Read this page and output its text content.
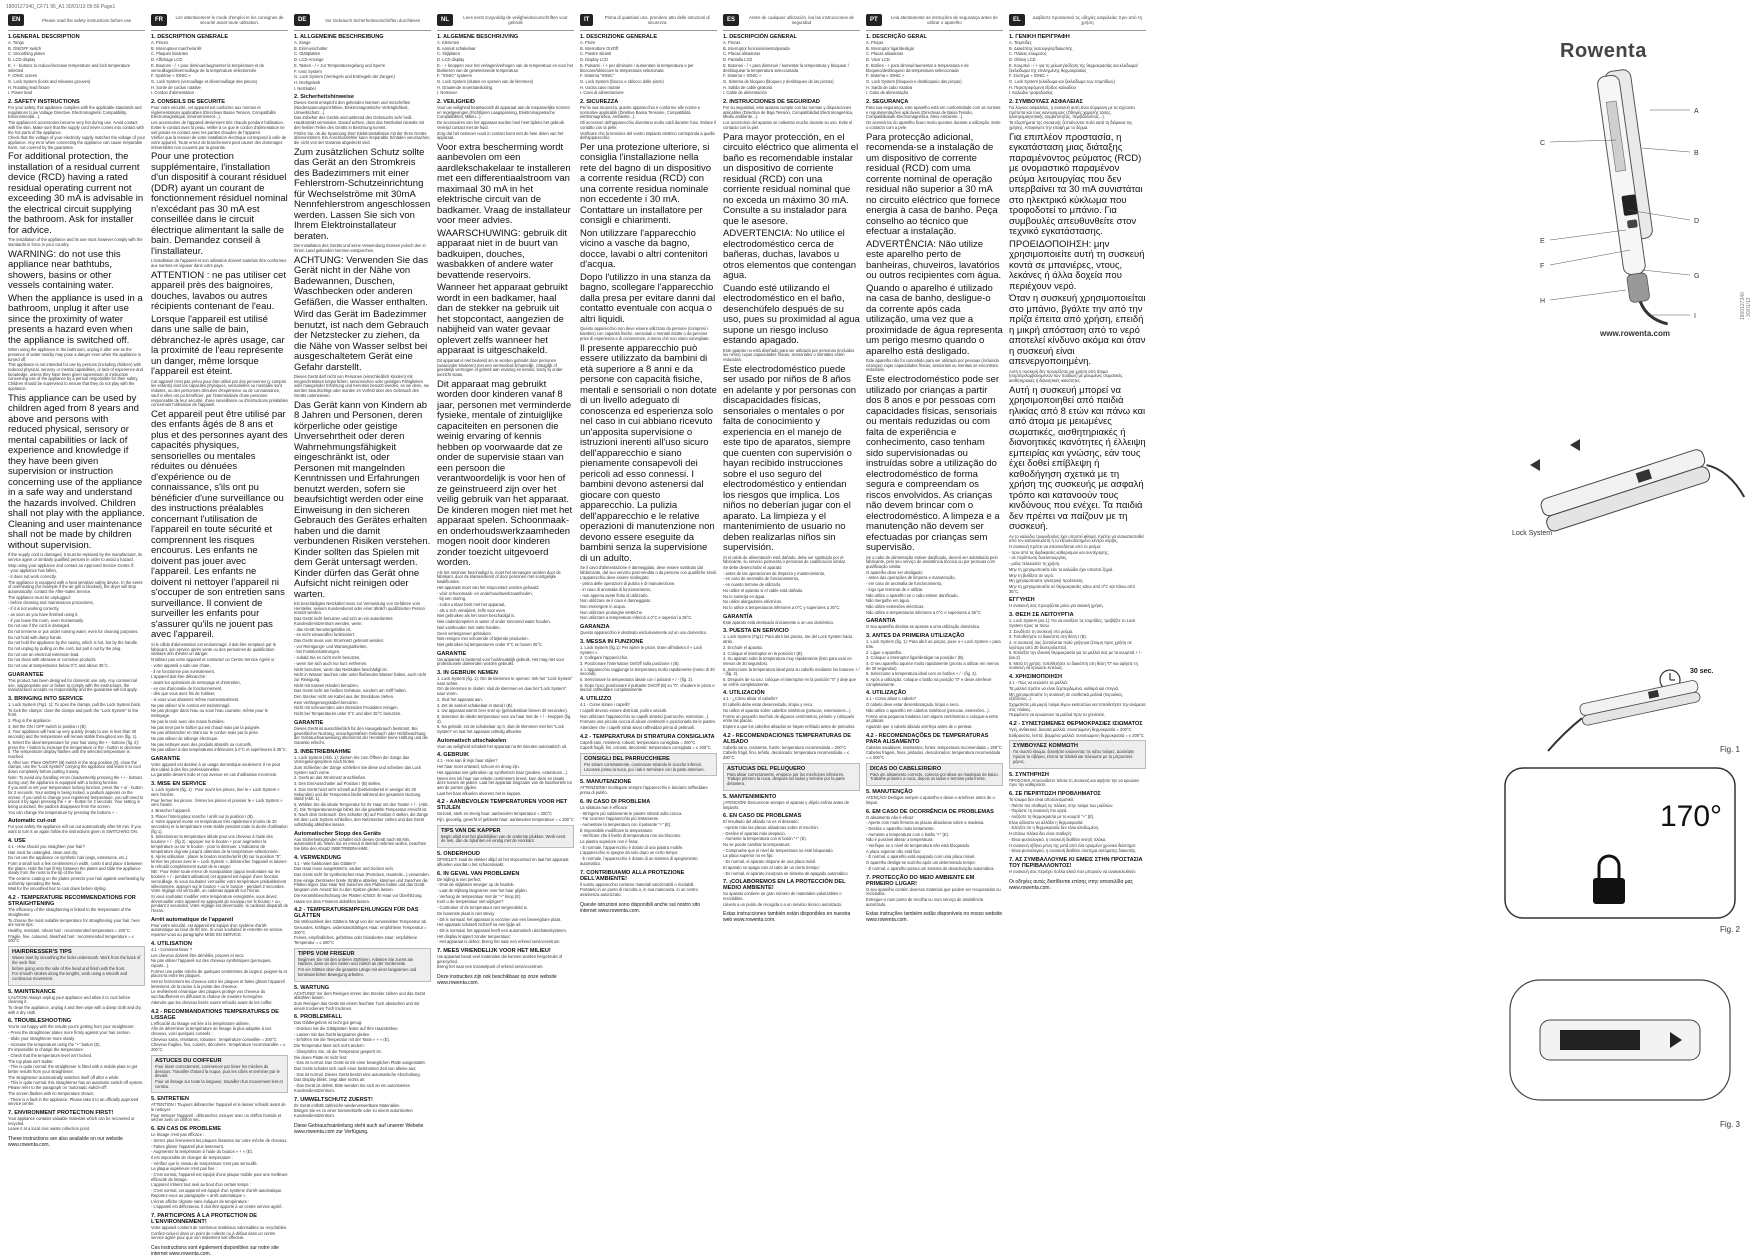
1800127340_CF71 95_A1 30/01/13 09:56 Page1
EN	Please read the safety instructions before use
1.GENERAL DESCRIPTION
A. Tongs
B. ON/OFF switch
C. Smoothing plates
D. LCD display
E. + - buttons to reduce/increase temperature and lock temperature selected
F. IONIC screen
G. Lock System (locks and releases grooves)
H. Rotating lead fixture
I. Power lead
2. SAFETY INSTRUCTIONS
For your safety, this appliance complies with the applicable standards and regulations (Low Voltage Directive, Electromagnetic Compatibility, Environmental...).
The appliance's accessories become very hot during use. Avoid contact with the skin. Make sure that the supply cord never comes into contact with the hot parts of the appliance.
Check that the voltage of your electricity supply matches the voltage of your appliance. Any error when connecting the appliance can cause irreparable harm, not covered by the guarantee.
For additional protection, the installation of a residual current device (RCD) having a rated residual operating current not exceeding 30 mA is advisable in the electrical circuit supplying the bathroom. Ask for installer for advice.
The installation of the appliance and its use must however comply with the standards in force in your country.
WARNING: do not use this appliance near bathtubs, showers, basins or other vessels containing water.
When the appliance is used in a bathroom, unplug it after use since the proximity of water presents a hazard even when the appliance is switched off.
When using the appliance in the bathroom, unplug it after use as the presence of water nearby may pose a danger even when the appliance is turned off.
This appliance is not intended for use by persons (including children) with reduced physical, sensory or mental capabilities, or lack of experience and knowledge, unless they have been given supervision or instruction concerning use of the appliance by a person responsible for their safety. Children should be supervised to ensure that they do not play with the appliance.
This appliance can be used by children aged from 8 years and above and persons with reduced physical, sensory or mental capabilities or lack of experience and knowledge if they have been given supervision or instruction concerning use of the appliance in a safe way and understand the hazards involved. Children shall not play with the appliance. Cleaning and user maintenance shall not be made by children without supervision.
If the supply cord is damaged, it must be replaced by the manufacturer, its service agent or similarly qualified persons in order to avoid a hazard.
Stop using your appliance and contact an Approved Service Centre if:
- your appliance has fallen,
- it does not work correctly.
The appliance is equipped with a heat sensitive safety device. In the event of overheating (for example if the air grill is blocked), the dryer will stop automatically: contact the After-Sales Service.
The appliance must be unplugged:
- before cleaning and maintenance procedures,
- if it is not working correctly,
- as soon as you have finished using it,
- if you leave the room, even momentarily.
Do not use if the cord is damaged.
Do not immerse or put under running water, even for cleaning purposes.
Do not hold with damp hands.
Do not hold the appliance by the casing, which is hot, but by the handle.
Do not unplug by pulling on the cord, but pull it out by the plug.
Do not use an electrical extension lead.
Do not clean with abrasive or corrosive products.
Do not use at temperatures below 0°C and above 35°C.
GUARANTEE
This product has been designed for domestic use only. Any commercial use, inappropriate use or failure to comply with the instructions, the manufacturer accepts no responsibility and the guarantee will not apply.
3. BRINGING INTO SERVICE
1. Lock System (Fig1. 1): To open the clamps, pull the Lock System back.
To lock the clamps: close the clamps and push the "Lock System" to the front.
2. Plug in the appliance.
3. Set the ON / OFF switch to position I (B).
4. Your appliance will heat up very quickly (ready to use in less than 30 seconds) and the temperature will remain stable throughout use (fig. 1).
5. Select the ideal temperature for your hair using the + - buttons (fig. 2): press the + button to increase the temperature or the - button to decrease it. The temperature display flashes until the selected temperature is reached.
6. After use: Place ON/OFF (B) switch in the stop position (0), close the clamps, use the "Lock System" carrying the appliance and leave it to cool down completely before putting it away.
Note: To avoid any handling errors (inadvertently pressing the + / - buttons during use) the appliance is equipped with a locking function.
If you wish to set your temperature locking function, press the + or - button for 2 seconds. Your setting is being locked, a padlock appears on the screen. If you wish to change your registered temperature, you will need to unlock it by again pressing the + or - button for 2 seconds. Your setting is being unlocked, the padlock disappears from the screen.
You can change the temperature by pressing the buttons + -.
Automatic cut-out
For your safety the appliance will cut out automatically after 60 min. If you want to turn it on again follow the instructions given in SWITCHING ON.
4. USE
4.1 - How should you straighten your hair?
Hair must be untangled, clean and dry.
Do not use the appliance on synthetic hair (wigs, extensions, etc.).
Form a small lock a few centimeters in width, comb it and place it between the plates. Hold the hair firmly between the plates and slide the appliance slowly from the roots to the tip of the hair.
The ceramic coating on the plates protects your hair against overheating by uniformly spreading the heat.
Wait for the smoothed hair to cool down before styling.
4.2 - TEMPERATURE RECOMMENDATIONS FOR STRAIGHTENING
The efficiency of the straightening is linked to the temperature of the straightener.
To choose the most suitable temperature for straightening your hair, here are some tips:
Healthy, resistant, robust hair : recommended temperature = 200°C
Fragile, fine, coloured, bleached hair : recommended temperature = ≤ 200°C
HAIRDRESSER'S TIPS
Waves start by smoothing the locks underneath. Work from the back of the neck first:
before going onto the side of the head and finish with the front.
For smooth strokes along the lengths, work using a smooth and continuous movement.
5. MAINTENANCE
CAUTION! Always unplug your appliance and allow it to cool before cleaning it.
To clean the appliance, unplug it and then wipe with a damp cloth and dry with a dry cloth.
6. TROUBLESHOOTING
You're not happy with the results you're getting from your straightener:
- Press the straightener plates more firmly against your hair section.
- Slide your straightener more slowly.
- Increase the temperature using the "+" button (E).
It's impossible to change the temperature:
- Check that the temperature level isn't locked.
The top plate isn't stable:
- This is quite normal, the straightener is fitted with a mobile plate to get better results from your straightener.
The straightener automatically switches itself off after a while:
- This is quite normal, this straightener has an automatic switch-off system. Please refer to the paragraph on "automatic switch-off".
The screen flashes with no temperature shown:
- There is a fault in the appliance. Please take it to an officially approved service centre.
7. ENVIRONMENT PROTECTION FIRST!
Your appliance contains valuable materials which can be recovered or recycled.
Leave it at a local civic waste collection point.
These instructions are also available on our website www.rowenta.com.
FR	Lire attentivement le mode d'emploi et les consignes de sécurité avant toute utilisation.
1. DESCRIPTION GENERALE
A. Pinces
B. Interrupteur marche/arrêt
C. Plaques lissantes
D. Affichage LCD
E. Boutons - / + pour diminuer/augmenter la température et de verrouillage/déverrouillage de la température sélectionnée
F. Système « IONIC »
G. Lock System (verrouillage et déverrouillage des pinces)
H. Sortie de cordon rotative
I. Cordon d'alimentation
2. CONSEILS DE SECURITE
Pour votre sécurité, cet appareil est conforme aux normes et réglementations applicables (Directives Basse Tension, Compatibilité Electromagnétique, Environnement...).
Les accessoires de l'appareil deviennent très chauds pendant l'utilisation. Eviter le contact avec la peau. Veiller à ce que le cordon d'alimentation ne soit jamais en contact avec les parties chaudes de l'appareil.
Vérifier que la tension de votre installation électrique correspond à celle de votre appareil. Toute erreur de branchement peut causer des dommages irréversibles non couverts par la garantie.
Pour une protection supplémentaire, l'installation d'un dispositif à courant résiduel (DDR) ayant un courant de fonctionnement résiduel nominal n'excédant pas 30 mA est conseillée dans le circuit électrique alimentant la salle de bain. Demandez conseil à l'installateur.
L'installation de l'appareil et son utilisation doivent toutefois être conformes aux normes en vigueur dans votre pays.
ATTENTION : ne pas utiliser cet appareil près des baignoires, douches, lavabos ou autres récipients contenant de l'eau.
Lorsque l'appareil est utilisé dans une salle de bain, débranchez-le après usage, car la proximité de l'eau représente un danger, même lorsque l'appareil est éteint.
Cet appareil n'est pas prévu pour être utilisé par des personnes (y compris les enfants) dont les capacités physiques, sensorielles ou mentales sont réduites, ou des personnes dénuées d'expérience ou de connaissance, sauf si elles ont pu bénéficier, par l'intermédiaire d'une personne responsable de leur sécurité, d'une surveillance ou d'instructions préalables concernant l'utilisation de l'appareil.
Cet appareil peut être utilisé par des enfants âgés de 8 ans et plus et des personnes ayant des capacités physiques, sensorielles ou mentales réduites ou dénuées d'expérience ou de connaissance, s'ils ont pu bénéficier d'une surveillance ou des instructions préalables concernant l'utilisation de l'appareil en toute sécurité et comprennent les risques encourus. Les enfants ne doivent pas jouer avec l'appareil. Les enfants ne doivent ni nettoyer l'appareil ni s'occuper de son entretien sans surveillance. Il convient de surveiller les enfants pour s'assurer qu'ils ne jouent pas avec l'appareil.
Si le câble d'alimentation est endommagé, il doit être remplacé par le fabricant, son service après vente ou des personnes de qualification similaire afin d'éviter un danger.
N'utilisez pas votre appareil et contactez un Centre Service Agréé si :
- votre appareil a subi une chute,
- il ne fonctionne pas normalement.
L'appareil doit être débranché :
- avant les opérations de nettoyage et d'entretien,
- en cas d'anomalie de fonctionnement,
- dès que vous avez fini de l'utiliser,
- si vous vous absentez même momentanément.
Ne pas utiliser si le cordon est endommagé.
Ne pas plonger dans l'eau ou sous l'eau courante, même pour le nettoyage.
Ne pas le tenir avec des mains humides.
Ne pas tenir par le boîtier qui est chaud mais par la poignée.
Ne pas débrancher en tirant sur le cordon mais par la prise.
Ne pas utiliser de rallonge électrique.
Ne pas nettoyer avec des produits abrasifs ou corrosifs.
Ne pas utiliser à des températures inférieures à 0°C et supérieures à 35°C.
GARANTIE
Votre appareil est destiné à un usage domestique seulement. Il ne peut être utilisé à des fins professionnelles.
La garantie devient nulle et non avenue en cas d'utilisation incorrecte.
3. MISE EN SERVICE
1. Lock System (fig. 1) : Pour ouvrir les pinces, tirer le « Lock System » vers l'arrière.
Pour fermer les pinces : fermer les pinces et pousser le « Lock System » vers l'avant.
2. Brancher l'appareil.
3. Placer l'interrupteur marche / arrêt sur la position I (B).
4. Votre appareil monte en température très rapidement (moins de 30 secondes) et la température reste stable pendant toute la durée d'utilisation (fig 1).
5. Sélectionner la température idéale pour vos cheveux à l'aide des boutons + / - (fig 2) : appuyer sur le bouton + pour augmenter la température ou sur le bouton - pour la diminuer. L'indicateur de température clignote jusqu'à obtention de la température sélectionnée.
6. Après utilisation : placer le bouton marche/arrêt (B) sur la position "0", fermer les pinces avec le « Lock System », débrancher l'appareil et laissez-le refroidir complètement avant de le ranger.
NB : Pour éviter toute erreur de manipulation (appui involontaire sur les boutons + / - pendant utilisation) cet appareil est équipé d'une fonction verrouillage. Si vous souhaitez verrouiller votre température préalablement sélectionnée, appuyer sur le bouton + ou le bouton - pendant 2 secondes. Votre réglage est verrouillé, un cadenas apparaît sur l'écran.
Si vous souhaitez modifier votre température enregistrée, vous devez déverrouiller votre appareil en appuyant de nouveau sur le bouton + ou - pendant 2 secondes. Votre réglage est déverrouillé, le cadenas disparaît de l'écran.
Arrêt automatique de l'appareil
Pour votre sécurité, cet appareil est équipé d'un système d'arrêt automatique au bout de 60 min. Si vous souhaitez le remettre en service, reportez-vous au paragraphe MISE EN SERVICE.
4. UTILISATION
4.1 - Comment lisser ?
Les cheveux doivent être démêlés, propres et secs.
Ne pas utiliser l'appareil sur des cheveux synthétiques (perruques, rajouts...).
Former une petite mèche de quelques centimètres de largeur, peigner-la et placez-la entre les plaques.
Serrez fermement les cheveux entre les plaques et faites glisser l'appareil lentement, de la racine à la pointe des cheveux.
Le revêtement céramique des plaques protège vos cheveux du surchauffement en diffusant la chaleur de manière homogène.
Attendre que les cheveux lissés soient refroidis avant de les coiffer.
4.2 - RECOMMANDATIONS TEMPERATURES DE LISSAGE
L'efficacité du lissage est liée à la température utilisée.
Afin de déterminer la température de lissage la plus adaptée à vos cheveux, voici quelques conseils :
Cheveux sains, résistants, robustes : température conseillée = 200°C
Cheveux fragiles, fins, colorés, décolorés : température recommandée = ≤ 200°C
ASTUCES DU COIFFEUR
Pour lisser correctement, commencer par lisser les mèches du dessous. Travailler d'abord la nuque, puis les côtés et terminer par le devant.
Pour un lissage sur toute la longueur, travailler d'un mouvement lent et continu.
5. ENTRETIEN
ATTENTION ! Toujours débrancher l'appareil et le laisser refroidir avant de le nettoyer.
Pour nettoyer l'appareil : débrancher, essuyer avec un chiffon humide et sécher avec un chiffon sec.
6. EN CAS DE PROBLEME
Le lissage n'est pas efficace :
- Serrez plus fermement les plaques lissantes sur votre mèche de cheveux.
- Faites glisser l'appareil plus lentement.
- Augmentez la température à l'aide du bouton « + » (E).
Il est impossible de changer de température :
- Vérifiez que le niveau de température n'est pas verrouillé.
La plaque supérieure n'est pas fixe :
- C'est normal, l'appareil est équipé d'une plaque mobile pour une meilleure efficacité de lissage.
L'appareil s'éteint tout seul au bout d'un certain temps :
- C'est normal, cet appareil est équipé d'un système d'arrêt automatique. Reportez-vous au paragraphe « arrêt automatique ».
L'écran affiche clignote sans indiquer de température :
- L'appareil est défectueux. Il doit être apporté à un centre service agréé.
7. PARTICIPONS À LA PROTECTION DE L'ENVIRONNEMENT!
Votre appareil contient de nombreux matériaux valorisables ou recyclables.
Confiez-celui-ci dans un point de collecte ou à défaut dans un centre service agréé pour que son traitement soit effectué.
Ces instructions sont également disponibles sur notre site internet www.rowenta.com.
DE	Vor Gebrauch Sicherheitsvorschriften durchlesen
1. ALLGEMEINE BESCHREIBUNG
A. Zange
B. Ein/Ausschalter
C. Glättplatten
D. LCD-Anzeige
E. Tasten - / + zur Temperaturregelung und Sperre
F. Ionic System
G. Lock System (Verriegeln und Entriegeln der Zangen)
H. Drehgelenk
I. Netzkabel
2. Sicherheitshinweise
Dieses Gerät entspricht den geltenden Normen und Vorschriften (Niederspannungsrichtlinie, Elektromagnetische Verträglichkeit, Umweltschutz...).
Das Zubehör des Geräts wird während des Gebrauchs sehr heiß. Hautkontakt vermeiden. Darauf achten, dass das Netzkabel niemals mit den heißen Teilen des Geräts in Berührung kommt.
Prüfen Sie, ob die Spannung Ihrer Elektroinstallation mit der Ihres Geräts übereinstimmt. Ein Anschlussfehler kann irreparable Schäden verursachen, die nicht von der Garantie abgedeckt sind.
Zum zusätzlichen Schutz sollte das Gerät an den Stromkreis des Badezimmers mit einer Fehlerstrom-Schutzeinrichtung für Wechselströme mit 30mA Nennfehlerstrom angeschlossen werden. Lassen Sie sich von Ihrem Elektroinstallateur beraten.
Die Installation des Geräts und seine Verwendung müssen jedoch den in Ihrem Land geltenden Normen entsprechen.
ACHTUNG: Verwenden Sie das Gerät nicht in der Nähe von Badewannen, Duschen, Waschbecken oder anderen Gefäßen, die Wasser enthalten.
Wird das Gerät im Badezimmer benutzt, ist nach dem Gebrauch der Netzstecker zu ziehen, da die Nähe von Wasser selbst bei ausgeschaltetem Gerät eine Gefahr darstellt.
Dieses Gerät darf nicht von Personen (einschließlich Kindern) mit eingeschränkten körperlichen, sensorischen oder geistigen Fähigkeiten oder mangelnder Erfahrung und Kenntnis benutzt werden, es sei denn, sie werden beaufsichtigt oder wurden im Vorfeld über den Gebrauch des Geräts unterwiesen.
Das Gerät kann von Kindern ab 8 Jahren und Personen, deren körperliche oder geistige Unversehrtheit oder deren Wahrnehmungsfähigkeit eingeschränkt ist, oder Personen mit mangelnden Kenntnissen und Erfahrungen benutzt werden, sofern sie beaufsichtigt werden oder eine Einweisung in den sicheren Gebrauch des Gerätes erhalten haben und die damit verbundenen Risiken verstehen. Kinder sollten das Spielen mit dem Gerät untersagt werden. Kinder dürfen das Gerät ohne Aufsicht nicht reinigen oder warten.
Ein beschädigtes Netzkabel muss zur Vermeidung von Gefahren vom Hersteller, seinem Kundendienst oder einer ähnlich qualifizierten Person ersetzt werden.
Das Gerät nicht benutzen und sich an ein autorisiertes Kundendienstzentrum wenden, wenn:
- das Gerät heruntergefallen ist,
- es nicht einwandfrei funktioniert.
Das Gerät muss vom Stromnetz getrennt werden:
- vor Reinigungs- und Wartungsarbeiten,
- bei Funktionsstörungen,
- sobald Sie es nicht mehr benutzen,
- wenn Sie sich auch nur kurz entfernen.
Nicht benutzen, wenn das Netzkabel beschädigt ist.
Nicht in Wasser tauchen oder unter fließendes Wasser halten, auch nicht zur Reinigung.
Nicht mit nassen Händen benutzen.
Das Gerät nicht am heißen Gehäuse, sondern am Griff halten.
Den Stecker nicht am Kabel aus der Steckdose ziehen.
Kein Verlängerungskabel benutzen.
Nicht mit scheuernden oder ätzenden Produkten reinigen.
Nicht bei Temperaturen unter 0°C und über 35°C benutzen.
GARANTIE
Dieses Gerät ist ausschließlich für den Hausgebrauch bestimmt. Bei gewerblicher Nutzung, unsachgemäßem Gebrauch oder Nichtbeachtung der Gebrauchsanweisung übernimmt der Hersteller keine Haftung und die Garantie erlischt.
3. INBETRIEBNAHME
1. Lock System (Abb. 1): Ziehen Sie zum Öffnen der Zange das Verriegelungssystem nach hinten.
Zum Schließen der Zange schließen Sie diese und schieben das Lock System nach vorne.
2. Gerät an das Stromnetz anschließen.
3. Den Ein/Ausschalter auf Position I (B) stellen.
4. Das Gerät heizt sehr schnell auf (betriebsbereit in weniger als 30 Sekunden) und die Temperatur bleibt während der gesamten Nutzung stabil (Abb. 1).
5. Wählen Sie die ideale Temperatur für Ihr Haar mit den Tasten + / - (Abb. 2). Die Temperaturanzeige blinkt, bis die gewählte Temperatur erreicht ist.
6. Nach dem Gebrauch: Den Schalter (B) auf Position 0 stellen, die Zange mit dem Lock System schließen, den Netzstecker ziehen und das Gerät vollständig abkühlen lassen.
Automatischer Stopp des Geräts
Aus Sicherheitsgründen schaltet sich dieses Gerät nach 60 Min. automatisch ab. Wenn Sie es erneut in Betrieb nehmen wollen, beachten Sie bitte den Absatz INBETRIEBNAHME.
4. VERWENDUNG
4.1 - Wie funktioniert das Glätten?
Das Haar muss ausgekämmt, sauber und trocken sein.
Das Gerät nicht für synthetisches Haar (Perücken, Haarteile...) verwenden.
Eine einige Zentimeter breite Strähne abteilen, kämmen und zwischen die Platten legen. Das Haar fest zwischen den Platten halten und das Gerät langsam vom Ansatz bis zu den Spitzen gleiten lassen.
Die Keramikbeschichtung der Platten schützt Ihr Haar vor Überhitzung.
Haare vor dem Frisieren abkühlen lassen.
4.2 - TEMPERATUREMPFEHLUNGEN FÜR DAS GLÄTTEN
Die Wirksamkeit des Glättens hängt von der verwendeten Temperatur ab.
Gesundes, kräftiges, widerstandsfähiges Haar: empfohlene Temperatur = 200°C
Feines, empfindliches, gefärbtes oder blondiertes Haar: empfohlene Temperatur = ≤ 200°C
TIPPS VOM FRISEUR
Beginnen Sie mit den unteren Strähnen. Arbeiten Sie zuerst am Nacken, dann an den Seiten und zuletzt an der Vorderseite.
Für ein Glätten über die gesamte Länge mit einer langsamen und kontinuierlichen Bewegung arbeiten.
5. WARTUNG
ACHTUNG! Vor dem Reinigen immer den Stecker ziehen und das Gerät abkühlen lassen.
Zum Reinigen das Gerät mit einem feuchten Tuch abwischen und mit einem trockenen Tuch trocknen.
6. PROBLEMFALL
Das Glättergebnis ist nicht gut genug:
- Drücken Sie die Glättplatten fester auf Ihre Haarsträhne.
- Lassen Sie das Gerät langsamer gleiten.
- Erhöhen Sie die Temperatur mit der Taste « + » (E).
Die Temperatur lässt sich nicht ändern:
- Überprüfen Sie, ob die Temperatur gesperrt ist.
Die obere Platte ist nicht fest:
- Das ist normal. Das Gerät ist mit einer beweglichen Platte ausgestattet.
Das Gerät schaltet sich nach einer bestimmten Zeit von alleine aus:
- Das ist normal. Dieses Gerät besitzt eine automatische Abschaltung.
Das Display blinkt, zeigt aber nichts an:
- Das Gerät ist defekt. Bitte wenden Sie sich an ein autorisiertes Kundendienstzentrum.
7. UMWELTSCHUTZ ZUERST!
Ihr Gerät enthält zahlreiche wiederverwertbare Materialien.
Bringen Sie es zu einer Sammelstelle oder zu einem autorisierten Kundendienstzentrum.
Diese Gebrauchsanleitung steht auch auf unserer Website www.rowenta.com zur Verfügung.
NL	Lees eerst zorgvuldig de veiligheidsvoorschriften voor gebruik
1. ALGEMENE BESCHRIJVING
A. Klemmen
B. Aan/uit schakelaar
C. Stijlplaten
D. LCD display
E. - + knoppen voor het verlagen/verhogen van de temperatuur en voor het blokkeren van de geselecteerde temperatuur
F. "IONIC" systeem
G. Lock System (sluiten en openen van de klemmen)
H. Draaiende snoeraansluiting
I. Netsnoer
2. VEILIGHEID
Voor uw veiligheid beantwoordt dit apparaat aan de toepasselijke normen en regelgevingen (Richtlijnen Laagspanning, Elektromagnetische Compatibiliteit, Milieu...).
De accessoires van het apparaat worden heel heet tijdens het gebruik. Vermijd contact met de huid.
Zorg dat het netsnoer nooit in contact komt met de hete delen van het apparaat.
Voor extra bescherming wordt aanbevolen om een aardlekschakelaar te installeren met een differentiaalstroom van maximaal 30 mA in het elektrische circuit van de badkamer. Vraag de installateur voor meer advies.
WAARSCHUWING: gebruik dit apparaat niet in de buurt van badkuipen, douches, wasbakken of andere water bevattende reservoirs.
Wanneer het apparaat gebruikt wordt in een badkamer, haal dan de stekker na gebruik uit het stopcontact, aangezien de nabijheid van water gevaar oplevert zelfs wanneer het apparaat is uitgeschakeld.
Dit apparaat is niet bedoeld om te worden gebruikt door personen (waaronder kinderen) met een verminderd lichamelijk, zintuiglijk of geestelijk vermogen of gebrek aan ervaring en kennis, tenzij zij onder toezicht staan.
Dit apparaat mag gebruikt worden door kinderen vanaf 8 jaar, personen met verminderde fysieke, mentale of zintuiglijke capaciteiten en personen die weinig ervaring of kennis hebben op voorwaarde dat ze onder de supervisie staan van een persoon die verantwoordelijk is voor hen of ze geinstrueerd zijn over het veilig gebruik van het apparaat. De kinderen mogen niet met het apparaat spelen. Schoonmaak- en onderhoudswerkzaamheden mogen nooit door kinderen zonder toezicht uitgevoerd worden.
Als het netsnoer beschadigd is, moet het vervangen worden door de fabrikant, door de klantendienst of door personen met soortgelijke kwalificaties.
Het apparaat moet van het stopcontact worden gehaald:
- vóór schoonmaak- en onderhoudswerkzaamheden,
- bij een storing,
- zodra u klaar bent met het apparaat,
- als u zich verwijdert, zelfs voor even.
Niet gebruiken als het snoer beschadigd is.
Niet onderdompelen in water of onder stromend water houden.
Niet vasthouden met natte handen.
Geen verlengsnoer gebruiken.
Niet reinigen met schurende of bijtende producten.
Niet gebruiken bij temperaturen onder 0°C en boven 35°C.
GARANTIE
Uw apparaat is bestemd voor huishoudelijk gebruik. Het mag niet voor professionele doeleinden worden gebruikt.
3. IN GEBRUIK NEMEN
1. Lock System (fig. 1): Om de klemmen te openen: trek het "Lock System" naar achter.
Om de klemmen te sluiten: sluit de klemmen en duw het "Lock System" naar voren.
2. Sluit het apparaat aan.
3. Zet de aan/uit schakelaar in stand I (B).
4. Uw apparaat warmt zeer snel op (gebruiksklaar binnen 30 seconden).
5. Selecteer de ideale temperatuur voor uw haar met de + / - knoppen (fig. 2).
6. Na gebruik: zet de schakelaar op 0, sluit de klemmen met het "Lock System" en laat het apparaat volledig afkoelen.
Automatisch uitschakelen
Voor uw veiligheid schakelt het apparaat na 60 minuten automatisch uit.
4. GEBRUIK
4.1 - Hoe kan ik mijn haar stijlen?
Het haar moet ontward, schoon en droog zijn.
Het apparaat niet gebruiken op synthetisch haar (pruiken, extensions...).
Neem een lok haar van enkele centimeters breed, kam deze en plaats deze tussen de platen. Laat het apparaat langzaam van de haarwortels tot aan de punten glijden.
Laat het haar afkoelen alvorens het te kappen.
4.2 - AANBEVOLEN TEMPERATUREN VOOR HET STIJLEN
Gezond, sterk en stevig haar: aanbevolen temperatuur = 200°C
Fijn, gevoelig, geverfd of gebleekt haar: aanbevolen temperatuur = ≤ 200°C
TIPS VAN DE KAPPER
Begin altijd met het gladstrijken van de onderste plukken. Werk eerst de nek, dan de zijkanten en eindig met de voorkant.
5. ONDERHOUD
OPGELET! Haal de stekker altijd uit het stopcontact en laat het apparaat afkoelen voordat u het schoonmaakt.
6. IN GEVAL VAN PROBLEMEN
De stijling is niet perfect:
- Druk de stijlplaten steviger op de haarlok.
- Laat de stijltang langzamer over het haar glijden.
- Verhoog de temperatuur met de "+" knop (E).
Kunt u de temperatuur niet wijzigen?
- Controleer of de temperatuur niet vergrendeld is.
De bovenste plaat is niet stevig:
- Dit is normaal, het apparaat is voorzien van een beweegbare plaat.
Het apparaat schakelt zichzelf na een tijdje uit:
- Dit is normaal, het apparaat heeft een automatisch uitschakelsysteem.
Het display knippert zonder temperatuur:
- Het apparaat is defect. Breng het naar een erkend servicecentrum.
7. MEES VRIENDELIJK VOOR HET MILIEU!
Uw apparaat bevat veel materialen die kunnen worden hergebruikt of gerecycled.
Breng het naar een inzamelpunt of erkend servicecentrum.
Deze instructies zijn ook beschikbaar op onze website www.rowenta.com.
IT	Prima di qualsiasi uso, prendere atto delle istruzioni di sicurezza
1. DESCRIZIONE GENERALE
A. Pinze
B. Interruttore On/Off
C. Piastre stiranti
D. Display LCD
E. Pulsanti - / + per diminuire / aumentare la temperatura e per bloccare/sbloccare la temperatura selezionata
F. Sistema "IONIC"
G. Lock System (blocco e sblocco delle pinze)
H. Uscita cavo rotante
I. Cavo di alimentazione
2. SICUREZZA
Per la sua sicurezza, questo apparecchio è conforme alle norme e normative applicabili (Direttive Bassa Tensione, Compatibilità elettromagnetica, Ambiente...).
Gli accessori dell'apparecchio diventano molto caldi durante l'uso. Evitare il contatto con la pelle.
Verificare che la tensione del vostro impianto elettrico corrisponda a quella dell'apparecchio.
Per una protezione ulteriore, si consiglia l'installazione nella rete del bagno di un dispositivo a corrente residua (RCD) con una corrente residua nominale non eccedente i 30 mA. Contattare un installatore per consigli e chiarimenti.
Non utilizzare l'apparecchio vicino a vasche da bagno, docce, lavabi o altri contenitori d'acqua.
Dopo l'utilizzo in una stanza da bagno, scollegare l'apparecchio dalla presa per evitare danni dal contatto eventuale con acqua o altri liquidi.
Questo apparecchio non deve essere utilizzato da persone (compresi i bambini) con capacità fisiche, sensoriali o mentali ridotte o da persone prive di esperienza e di conoscenze, a meno che non siano sorvegliate.
Il presente apparecchio può essere utilizzato da bambini di età superiore a 8 anni e da persone con capacità fisiche, mentali e sensoriali o non dotate di un livello adeguato di conoscenza ed esperienza solo nel caso in cui abbiano ricevuto un'apposita supervisione o istruzioni inerenti all'uso sicuro dell'apparecchio e siano pienamente consapevoli dei pericoli ad esso connessi. I bambini devono astenersi dal giocare con questo apparecchio. La pulizia dell'apparecchio e le relative operazioni di manutenzione non devono essere eseguite da bambini senza la supervisione di un adulto.
Se il cavo d'alimentazione è danneggiato, deve essere sostituito dal fabbricante, dal suo servizio post-vendita o da persone con qualifiche simili.
L'apparecchio deve essere scollegato:
- prima delle operazioni di pulizia e di manutenzione,
- in caso di anomalia di funzionamento,
- non appena avete finito di utilizzarlo.
Non utilizzare se il cavo è danneggiato.
Non immergere in acqua.
Non utilizzare prolunghe elettriche.
Non utilizzare a temperature inferiori a 0°C e superiori a 35°C.
GARANZIA
Questo apparecchio è destinato esclusivamente ad un uso domestico.
3. MESSA IN FUNZIONE
1. Lock System (fig.1): Per aprire le pinze, tirare all'indietro il « Lock System ».
2. Collegare l'apparecchio.
3. Posizionare l'interruttore On/Off sulla posizione I (B).
4. L'apparecchio raggiunge la temperatura molto rapidamente (meno di 30 secondi).
5. Selezionare la temperatura ideale con i pulsanti + / - (fig. 2).
6. Dopo l'uso: posizionare il pulsante On/Off (B) su "0", chiudere le pinze e lasciar raffreddare completamente.
4. UTILIZZO
4.1 - Come stirare i capelli?
I capelli devono essere districati, puliti e asciutti.
Non utilizzare l'apparecchio su capelli sintetici (parrucche, extension...).
Formare una piccola ciocca di alcuni centimetri e posizionarla tra le piastre.
Attendere che i capelli stirati siano raffreddati prima di pettinarli.
4.2 - TEMPERATURA DI STIRATURA CONSIGLIATA
Capelli sani, resistenti, robusti: temperatura consigliata = 200°C
Capelli fragili, fini, colorati, decolorati: temperatura consigliata = ≤ 200°C
CONSIGLI DEL PARRUCCHIERE
Per stirare correttamente, cominciare stirando le ciocche inferiori. Lavorare prima la nuca, poi i lati e terminare con la parte anteriore.
5. MANUTENZIONE
ATTENZIONE! Scollegare sempre l'apparecchio e lasciarlo raffreddare prima di pulirlo.
6. IN CASO DI PROBLEMA
La stiratura non è efficace:
- Stringere più saldamente le piastre stiranti sulla ciocca.
- Far scorrere l'apparecchio più lentamente.
- Aumentare la temperatura con il pulsante "+" (E).
È impossibile modificare la temperatura:
- Verificare che il livello di temperatura non sia bloccato.
La piastra superiore non è fissa:
- È normale, l'apparecchio è dotato di una piastra mobile.
L'apparecchio si spegne da solo dopo un certo tempo:
- È normale, l'apparecchio è dotato di un sistema di spegnimento automatico.
7. CONTRIBUIAMO ALLA PROTEZIONE DELL'AMBIENTE!
Il vostro apparecchio contiene materiali valorizzabili o riciclabili.
Portatelo in un punto di raccolta o, in sua mancanza, in un centro assistenza autorizzato.
Queste istruzioni sono disponibili anche sul nostro sito internet www.rowenta.com.
ES	Antes de cualquier utilización, lea las instrucciones de seguridad
1. DESCRIPCIÓN GENERAL
A. Pinzas
B. Interruptor funcionamiento/parada
C. Placas alisadoras
D. Pantalla LCD
E. Botones - / + para disminuir / aumentar la temperatura y bloquear / desbloquear la temperatura seleccionada
F. Sistema « IONIC »
G. Sistema de bloqueo (bloqueo y desbloqueo de las pinzas)
H. Salida de cable giratoria
I. Cable de alimentación
2. INSTRUCCIONES DE SEGURIDAD
Por su seguridad, este aparato cumple con las normas y disposiciones aplicables (Directiva de Baja Tensión, Compatibilidad Electromagnética, Medio ambiente...).
Los accesorios del aparato se calientan mucho durante su uso. Evite el contacto con la piel.
Para mayor protección, en el circuito eléctrico que alimenta el baño es recomendable instalar un dispositivo de corriente residual (RCD) con una corriente residual nominal que no exceda un máximo 30 mA. Consulte a su instalador para que le asesore.
ADVERTENCIA: No utilice el electrodoméstico cerca de bañeras, duchas, lavabos u otros elementos que contengan agua.
Cuando esté utilizando el electrodoméstico en el baño, desenchúfelo después de su uso, pues su proximidad al agua supone un riesgo incluso estando apagado.
Este aparato no está diseñado para ser utilizado por personas (incluidos los niños) cuyas capacidades físicas, sensoriales o mentales estén reducidas.
Este electrodoméstico puede ser usado por niños de 8 años en adelante y por personas con discapacidades físicas, sensoriales o mentales o por falta de conocimiento y experiencia en el manejo de este tipo de aparatos, siempre que cuenten con supervisión o hayan recibido instrucciones sobre el uso seguro del electrodoméstico y entiendan los riesgos que implica. Los niños no deberían jugar con el aparato. La limpieza y el mantenimiento de usuario no deben realizarlas niños sin supervisión.
Si el cable de alimentación está dañado, debe ser sustituido por el fabricante, su servicio postventa o personas de cualificación similar.
Se debe desenchufar el aparato:
- antes de las operaciones de limpieza y mantenimiento,
- en caso de anomalía de funcionamiento,
- en cuanto termine de utilizarlo.
No utilice el aparato si el cable está dañado.
No lo sumerja en agua.
No utilice alargadores eléctricos.
No lo utilice a temperaturas inferiores a 0°C y superiores a 35°C.
GARANTÍA
Este aparato está destinado únicamente a un uso doméstico.
3. PUESTA EN SERVICIO
1. Lock System (Fig1): Para abrir las pinzas, tire del Lock System hacia atrás.
2. Enchufe el aparato.
3. Coloque el interruptor en la posición I (B).
4. Su aparato sube la temperatura muy rápidamente (listo para usar en menos de 30 segundos).
5. Seleccione la temperatura ideal para su cabello mediante los botones + / - (fig. 2).
6. Después de su uso: coloque el interruptor en la posición "0" y deje que se enfríe completamente.
4. UTILIZACIÓN
4.1 - ¿Cómo alisar el cabello?
El cabello debe estar desenredado, limpio y seco.
No utilice el aparato sobre cabellos sintéticos (pelucas, extensiones...).
Forme un pequeño mechón de algunos centímetros, péinelo y colóquelo entre las placas.
Espere a que los cabellos alisados se hayan enfriado antes de peinarlos.
4.2 - RECOMENDACIONES TEMPERATURAS DE ALISADO
Cabello sano, resistente, fuerte: temperatura recomendada = 200°C
Cabello frágil, fino, teñido, decolorado: temperatura recomendada = ≤ 200°C
ASTUCIAS DEL PELUQUERO
Para alisar correctamente, empiece por los mechones inferiores. Trabaje primero la nuca, después los lados y termine por la parte delantera.
5. MANTENIMIENTO
¡ATENCIÓN! Desconecte siempre el aparato y déjelo enfriar antes de limpiarlo.
6. EN CASO DE PROBLEMAS
El resultado del alisado no es el deseado:
- Apriete más las placas alisadoras sobre el mechón.
- Deslice el aparato más despacio.
- Aumente la temperatura con el botón "+" (E).
No se puede cambiar la temperatura:
- Compruebe que el nivel de temperatura no esté bloqueado.
La placa superior no es fija:
- Es normal, el aparato dispone de una placa móvil.
El aparato se apaga solo al cabo de un cierto tiempo:
- Es normal, el aparato incorpora un sistema de apagado automático.
7. ¡COLABOREMOS EN LA PROTECCIÓN DEL MEDIO AMBIENTE!
Su aparato contiene un gran número de materiales valorizables o reciclables.
Llévelo a un punto de recogida o a un servicio técnico autorizado.
Estas instrucciones también están disponibles en nuestra web www.rowenta.com.
PT	Leia atentamente as instruções de segurança antes de utilizar o aparelho
1. DESCRIÇÃO GERAL
A. Pinças
B. Interruptor ligar/desligar
C. Placas alisadoras
D. Visor LCD
E. Botões - + para diminuir/aumentar a temperatura e de bloqueio/desbloqueio da temperatura seleccionada
F. Sistema « IONIC »
G. Lock System (bloqueio e desbloqueio das pinças)
H. Saída de cabo rotativa
I. Cabo de alimentação
2. SEGURANÇA
Para sua segurança, este aparelho está em conformidade com as normas e regulamentações aplicáveis (Directivas de Baixa Tensão, Compatibilidade Electromagnética, Meio Ambiente...).
Os acessórios do aparelho ficam muito quentes durante a utilização. Evite o contacto com a pele.
Para protecção adicional, recomenda-se a instalação de um dispositivo de corrente residual (RCD) com uma corrente nominal de operação residual não superior a 30 mA no circuito eléctrico que fornece energia à casa de banho. Peça conselho ao técnico que efectuar a instalação.
ADVERTÊNCIA: Não utilize este aparelho perto de banheiras, chuveiros, lavatórios ou outros recipientes com água.
Quando o aparelho é utilizado na casa de banho, desligue-o da corrente após cada utilização, uma vez que a proximidade de água representa um perigo mesmo quando o aparelho está desligado.
Este aparelho não foi concebido para ser utilizado por pessoas (incluindo crianças) cujas capacidades físicas, sensoriais ou mentais se encontram reduzidas.
Este electrodoméstico pode ser utilizado por crianças a partir dos 8 anos e por pessoas com capacidades físicas, sensoriais ou mentais reduzidas ou com falta de experiência e conhecimento, caso tenham sido supervisionadas ou instruídas sobre a utilização do electrodoméstico de forma segura e compreendam os riscos envolvidos. As crianças não devem brincar com o electrodoméstico. A limpeza e a manutenção não devem ser efectuadas por crianças sem supervisão.
Se o cabo de alimentação estiver danificado, deverá ser substituído pelo fabricante, pelo seu serviço de assistência técnica ou por pessoas com qualificação similar.
O aparelho deve ser desligado:
- antes das operações de limpeza e manutenção,
- em caso de anomalia de funcionamento,
- logo que terminar de o utilizar.
Não utilize o aparelho se o cabo estiver danificado.
Não mergulhe em água.
Não utilize extensões eléctricas.
Não utilize a temperaturas inferiores a 0°C e superiores a 35°C.
GARANTIA
O seu aparelho destina-se apenas a uma utilização doméstica.
3. ANTES DA PRIMEIRA UTILIZAÇÃO
1. Lock System (fig. 1): Para abrir as pinças, puxe o « Lock System » para trás.
2. Ligue o aparelho.
3. Coloque o interruptor ligar/desligar na posição I (B).
4. O seu aparelho aquece muito rapidamente (pronto a utilizar em menos de 30 segundos).
5. Seleccione a temperatura ideal com os botões + / - (fig. 2).
6. Após a utilização: coloque o botão na posição "0" e deixe arrefecer completamente.
4. UTILIZAÇÃO
4.1 - Como alisar o cabelo?
O cabelo deve estar desembaraçado, limpo e seco.
Não utilize o aparelho em cabelos sintéticos (perucas, extensões...).
Forme uma pequena madeixa com alguns centímetros e coloque-a entre as placas.
Aguarde que o cabelo alisado arrefeça antes de o pentear.
4.2 - RECOMENDAÇÕES DE TEMPERATURAS PARA ALISAMENTO
Cabelos saudáveis, resistentes, fortes: temperatura recomendada = 200°C
Cabelos frágeis, finos, pintados, descolorados: temperatura recomendada = ≤ 200°C
DICAS DO CABELEIREIRO
Para um alisamento correcto, comece por alisar as madeixas de baixo. Trabalhe primeiro a nuca, depois os lados e termine pela frente.
5. MANUTENÇÃO
ATENÇÃO! Desligue sempre o aparelho e deixe-o arrefecer antes de o limpar.
6. EM CASO DE OCORRÊNCIA DE PROBLEMAS
O alisamento não é eficaz:
- Aperte com mais firmeza as placas alisadoras sobre a madeixa.
- Deslize o aparelho mais lentamente.
- Aumente a temperatura com o botão "+" (E).
Não é possível alterar a temperatura:
- Verifique se o nível de temperatura não está bloqueado.
A placa superior não está fixa:
- É normal, o aparelho está equipado com uma placa móvel.
O aparelho desliga-se sozinho após um determinado tempo:
- É normal, o aparelho possui um sistema de desactivação automática.
7. PROTECÇÃO DO MEIO AMBIENTE EM PRIMEIRO LUGAR!
O seu aparelho contém diversos materiais que podem ser recuperados ou reciclados.
Entregue-o num ponto de recolha ou num serviço de assistência autorizado.
Estas instruções também estão disponíveis no nosso website www.rowenta.com.
EL	Διαβάστε προσεκτικά τις οδηγίες ασφαλείας πριν από τη χρήση
1. ΓΕΝΙΚΗ ΠΕΡΙΓΡΑΦΗ
A. Τσιμπίδες
B. Διακόπτης λειτουργίας/διακοπής
C. Πλάκες ισιώματος
D. Οθόνη LCD
E. Κουμπιά - / + για τη μείωση/αύξηση της θερμοκρασίας και κλείδωμα/ξεκλείδωμα της επιλεγμένης θερμοκρασίας
F. Σύστημα « IONIC »
G. Lock System (κλείδωμα και ξεκλείδωμα των τσιμπίδων)
H. Περιστρεφόμενη έξοδος καλωδίου
I. Καλώδιο τροφοδοσίας
2. ΣΥΜΒΟΥΛΕΣ ΑΣΦΑΛΕΙΑΣ
Για λόγους ασφαλείας, η συσκευή αυτή είναι σύμφωνη με τα ισχύοντα πρότυπα και τους κανονισμούς (Οδηγίες χαμηλής τάσης, ηλεκτρομαγνητικής συμβατότητας, περιβάλλοντος...).
Τα εξαρτήματα της συσκευής ζεσταίνονται πολύ κατά τη διάρκεια της χρήσης. Αποφύγετε την επαφή με το δέρμα.
Για επιπλέον προστασία, η εγκατάσταση μιας διάταξης παραμένοντος ρεύματος (RCD) με ονομαστικό παραμένον ρεύμα λειτουργίας που δεν υπερβαίνει τα 30 mA συνιστάται στο ηλεκτρικό κύκλωμα που τροφοδοτεί το μπάνιο. Για συμβουλές απευθυνθείτε στον τεχνικό εγκατάστασης.
ΠΡΟΕΙΔΟΠΟΙΗΣΗ: μην χρησιμοποιείτε αυτή τη συσκευή κοντά σε μπανιέρες, ντους, λεκάνες ή άλλα δοχεία που περιέχουν νερό.
Όταν η συσκευή χρησιμοποιείται στο μπάνιο, βγάλτε την από την πρίζα έπειτα από χρήση, επειδή η μικρή απόσταση από το νερό αποτελεί κίνδυνο ακόμα και όταν η συσκευή είναι απενεργοποιημένη.
Αυτή η συσκευή δεν προορίζεται για χρήση από άτομα (συμπεριλαμβανομένων των παιδιών) με μειωμένες σωματικές, αισθητηριακές ή διανοητικές ικανότητες.
Αυτή η συσκευή μπορεί να χρησιμοποιηθεί από παιδιά ηλικίας από 8 ετών και πάνω και από άτομα με μειωμένες σωματικές, αισθητηριακές ή διανοητικές ικανότητες ή έλλειψη εμπειρίας και γνώσης, εάν τους έχει δοθεί επίβλεψη ή καθοδήγηση σχετικά με τη χρήση της συσκευής με ασφαλή τρόπο και κατανοούν τους κινδύνους που ενέχει. Τα παιδιά δεν πρέπει να παίζουν με τη συσκευή.
Αν το καλώδιο τροφοδοσίας έχει υποστεί φθορά, πρέπει να αντικατασταθεί από τον κατασκευαστή ή το εξουσιοδοτημένο κέντρο σέρβις.
Η συσκευή πρέπει να αποσυνδέεται από το ρεύμα:
- πριν από τις διαδικασίες καθαρισμού και συντήρησης,
- σε περίπτωση δυσλειτουργίας,
- μόλις τελειώσετε τη χρήση.
Μην τη χρησιμοποιείτε εάν το καλώδιο έχει υποστεί ζημιά.
Μην τη βυθίζετε σε νερό.
Μη χρησιμοποιείτε ηλεκτρική προέκταση.
Μην τη χρησιμοποιείτε σε θερμοκρασίες κάτω από 0°C και πάνω από 35°C.
ΕΓΓΥΗΣΗ
Η συσκευή σας προορίζεται μόνο για οικιακή χρήση.
3. ΘΕΣΗ ΣΕ ΛΕΙΤΟΥΡΓΙΑ
1. Lock System (εικ.1): Για να ανοίξετε τις τσιμπίδες, τραβήξτε το Lock System προς τα πίσω.
2. Συνδέστε τη συσκευή στο ρεύμα.
3. Τοποθετήστε το διακόπτη στη θέση I (B).
4. Η συσκευή σας ζεσταίνεται πολύ γρήγορα (έτοιμη προς χρήση σε λιγότερο από 30 δευτερόλεπτα).
5. Επιλέξτε την ιδανική θερμοκρασία για τα μαλλιά σας με τα κουμπιά + / - (εικ.2).
6. Μετά τη χρήση: τοποθετήστε το διακόπτη στη θέση "0" και αφήστε τη συσκευή να κρυώσει εντελώς.
4. ΧΡΗΣΙΜΟΠΟΙΗΣΗ
4.1 - Πώς να ισιώσετε τα μαλλιά;
Τα μαλλιά πρέπει να είναι ξεμπερδεμένα, καθαρά και στεγνά.
Μη χρησιμοποιείτε τη συσκευή σε συνθετικά μαλλιά (περούκες, εξτένσιον...).
Σχηματίστε μία μικρή τούφα λίγων εκατοστών και τοποθετήστε την ανάμεσα στις πλάκες.
Περιμένετε να κρυώσουν τα μαλλιά πριν τα χτενίσετε.
4.2 - ΣΥΝΙΣΤΩΜΕΝΕΣ ΘΕΡΜΟΚΡΑΣΙΕΣ ΙΣΙΩΜΑΤΟΣ
Υγιή, ανθεκτικά, δυνατά μαλλιά: συνιστώμενη θερμοκρασία = 200°C
Εύθραυστα, λεπτά, βαμμένα μαλλιά: συνιστώμενη θερμοκρασία = ≤ 200°C
ΣΥΜΒΟΥΛΕΣ ΚΟΜΜΩΤΗ
Για σωστό ίσιωμα, ξεκινήστε ισιώνοντας τις κάτω τούφες. Δουλέψτε πρώτα το σβέρκο, έπειτα τα πλαϊνά και τελειώστε με το μπροστινό μέρος.
5. ΣΥΝΤΗΡΗΣΗ
ΠΡΟΣΟΧΗ! Αποσυνδέετε πάντα τη συσκευή και αφήστε την να κρυώσει πριν την καθαρίσετε.
6. ΣΕ ΠΕΡΙΠΤΩΣΗ ΠΡΟΒΛΗΜΑΤΟΣ
Το ίσιωμα δεν είναι αποτελεσματικό:
- Πιέστε πιο σταθερά τις πλάκες στην τούφα των μαλλιών.
- Περάστε τη συσκευή πιο αργά.
- Αυξήστε τη θερμοκρασία με το κουμπί "+" (E).
Είναι αδύνατο να αλλάξει η θερμοκρασία:
- Ελέγξτε ότι η θερμοκρασία δεν είναι κλειδωμένη.
Η επάνω πλάκα δεν είναι σταθερή:
- Είναι φυσιολογικό, η συσκευή διαθέτει κινητή πλάκα.
Η συσκευή σβήνει μόνη της μετά από ένα ορισμένο χρονικό διάστημα:
- Είναι φυσιολογικό, η συσκευή διαθέτει σύστημα αυτόματης διακοπής.
7. ΑΣ ΣΥΜΒΑΛΛΟΥΜΕ ΚΙ ΕΜΕΙΣ ΣΤΗΝ ΠΡΟΣΤΑΣΙΑ ΤΟΥ ΠΕΡΙΒΑΛΛΟΝΤΟΣ!
Η συσκευή σας περιέχει πολλά υλικά που μπορούν να ανακυκλωθούν.
Οι οδηγίες αυτές διατίθενται επίσης στην ιστοσελίδα μας www.rowenta.com.
Rowenta
A
B
C
D
E
F
G
H
I
www.rowenta.com
1800127340 - 30/01/13
Lock System
30 sec.
Fig. 1
170°
Fig. 2
Fig. 3
